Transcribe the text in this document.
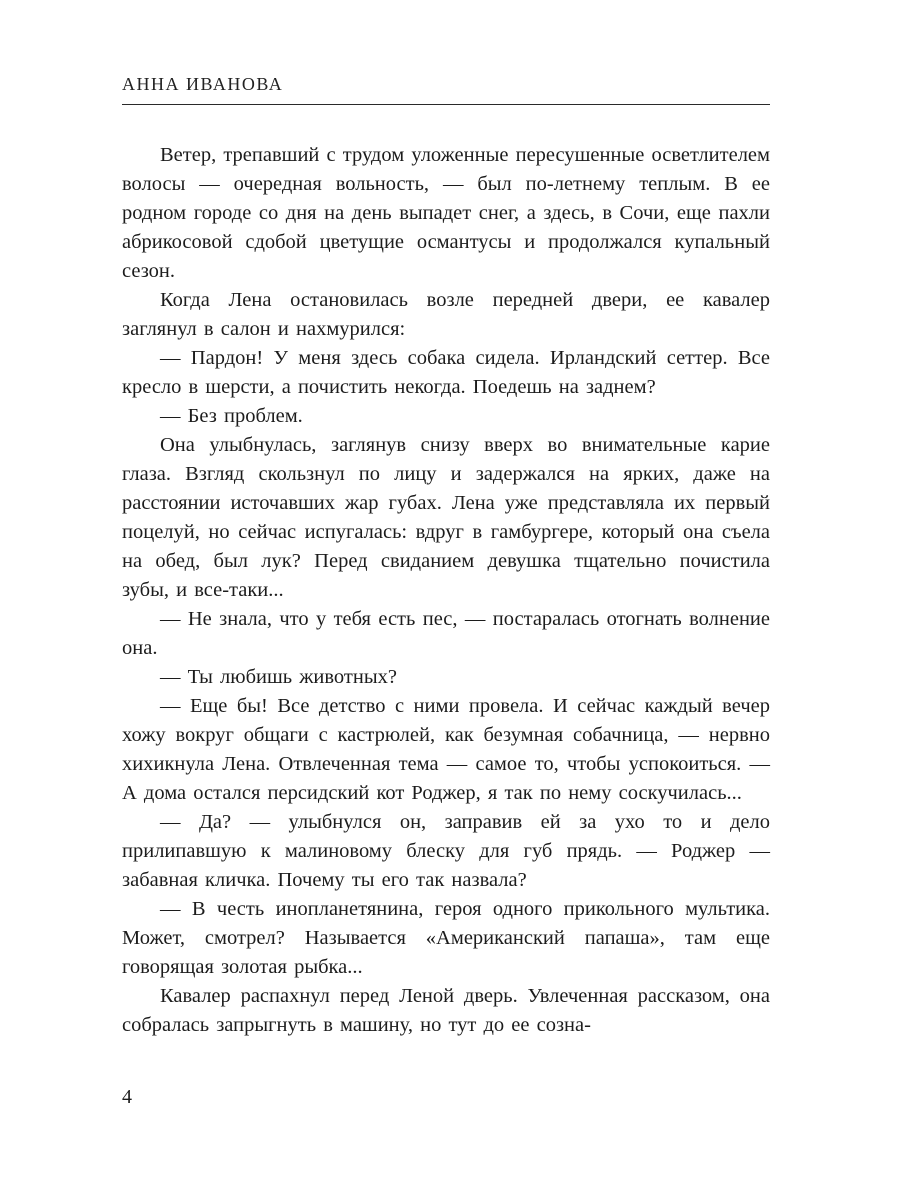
АННА ИВАНОВА

Ветер, трепавший с трудом уложенные пересушенные осветлителем волосы — очередная вольность, — был по-летнему теплым. В ее родном городе со дня на день выпадет снег, а здесь, в Сочи, еще пахли абрикосовой сдобой цветущие османтусы и продолжался купальный сезон.

Когда Лена остановилась возле передней двери, ее кавалер заглянул в салон и нахмурился:

— Пардон! У меня здесь собака сидела. Ирландский сеттер. Все кресло в шерсти, а почистить некогда. Поедешь на заднем?

— Без проблем.

Она улыбнулась, заглянув снизу вверх во внимательные карие глаза. Взгляд скользнул по лицу и задержался на ярких, даже на расстоянии источавших жар губах. Лена уже представляла их первый поцелуй, но сейчас испугалась: вдруг в гамбургере, который она съела на обед, был лук? Перед свиданием девушка тщательно почистила зубы, и все-таки...

— Не знала, что у тебя есть пес, — постаралась отогнать волнение она.

— Ты любишь животных?

— Еще бы! Все детство с ними провела. И сейчас каждый вечер хожу вокруг общаги с кастрюлей, как безумная собачница, — нервно хихикнула Лена. Отвлеченная тема — самое то, чтобы успокоиться. — А дома остался персидский кот Роджер, я так по нему соскучилась...

— Да? — улыбнулся он, заправив ей за ухо то и дело прилипавшую к малиновому блеску для губ прядь. — Роджер — забавная кличка. Почему ты его так назвала?

— В честь инопланетянина, героя одного прикольного мультика. Может, смотрел? Называется «Американский папаша», там еще говорящая золотая рыбка...

Кавалер распахнул перед Леной дверь. Увлеченная рассказом, она собралась запрыгнуть в машину, но тут до ее созна-

4
